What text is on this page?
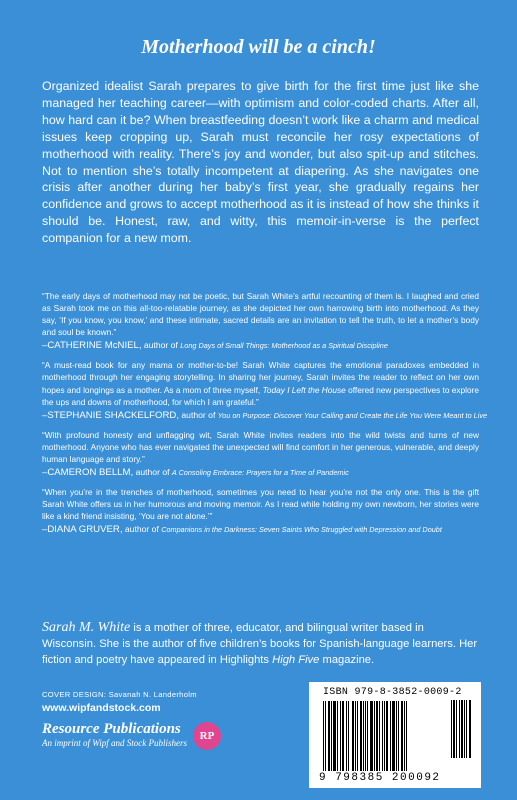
Motherhood will be a cinch!
Organized idealist Sarah prepares to give birth for the first time just like she managed her teaching career—with optimism and color-coded charts. After all, how hard can it be? When breastfeeding doesn’t work like a charm and medical issues keep cropping up, Sarah must reconcile her rosy expectations of motherhood with reality. There’s joy and wonder, but also spit-up and stitches. Not to mention she’s totally incompetent at diapering. As she navigates one crisis after another during her baby’s first year, she gradually regains her confidence and grows to accept motherhood as it is instead of how she thinks it should be. Honest, raw, and witty, this memoir-in-verse is the perfect companion for a new mom.
“The early days of motherhood may not be poetic, but Sarah White’s artful recounting of them is. I laughed and cried as Sarah took me on this all-too-relatable journey, as she depicted her own harrowing birth into motherhood. As they say, ‘If you know, you know,’ and these intimate, sacred details are an invitation to tell the truth, to let a mother’s body and soul be known.”
–CATHERINE McNIEL, author of Long Days of Small Things: Motherhood as a Spiritual Discipline
“A must-read book for any mama or mother-to-be! Sarah White captures the emotional paradoxes embedded in motherhood through her engaging storytelling. In sharing her journey, Sarah invites the reader to reflect on her own hopes and longings as a mother. As a mom of three myself, Today I Left the House offered new perspectives to explore the ups and downs of motherhood, for which I am grateful.”
–STEPHANIE SHACKELFORD, author of You on Purpose: Discover Your Calling and Create the Life You Were Meant to Live
“With profound honesty and unflagging wit, Sarah White invites readers into the wild twists and turns of new motherhood. Anyone who has ever navigated the unexpected will find comfort in her generous, vulnerable, and deeply human language and story.”
–CAMERON BELLM, author of A Consoling Embrace: Prayers for a Time of Pandemic
“When you’re in the trenches of motherhood, sometimes you need to hear you’re not the only one. This is the gift Sarah White offers us in her humorous and moving memoir. As I read while holding my own newborn, her stories were like a kind friend insisting, ‘You are not alone.’”
–DIANA GRUVER, author of Companions in the Darkness: Seven Saints Who Struggled with Depression and Doubt
Sarah M. White is a mother of three, educator, and bilingual writer based in Wisconsin. She is the author of five children’s books for Spanish-language learners. Her fiction and poetry have appeared in Highlights High Five magazine.
COVER DESIGN: Savanah N. Landerholm
www.wipfandstock.com
Resource Publications
An imprint of Wipf and Stock Publishers
RP
ISBN 979-8-3852-0009-2
9 798385 200092
